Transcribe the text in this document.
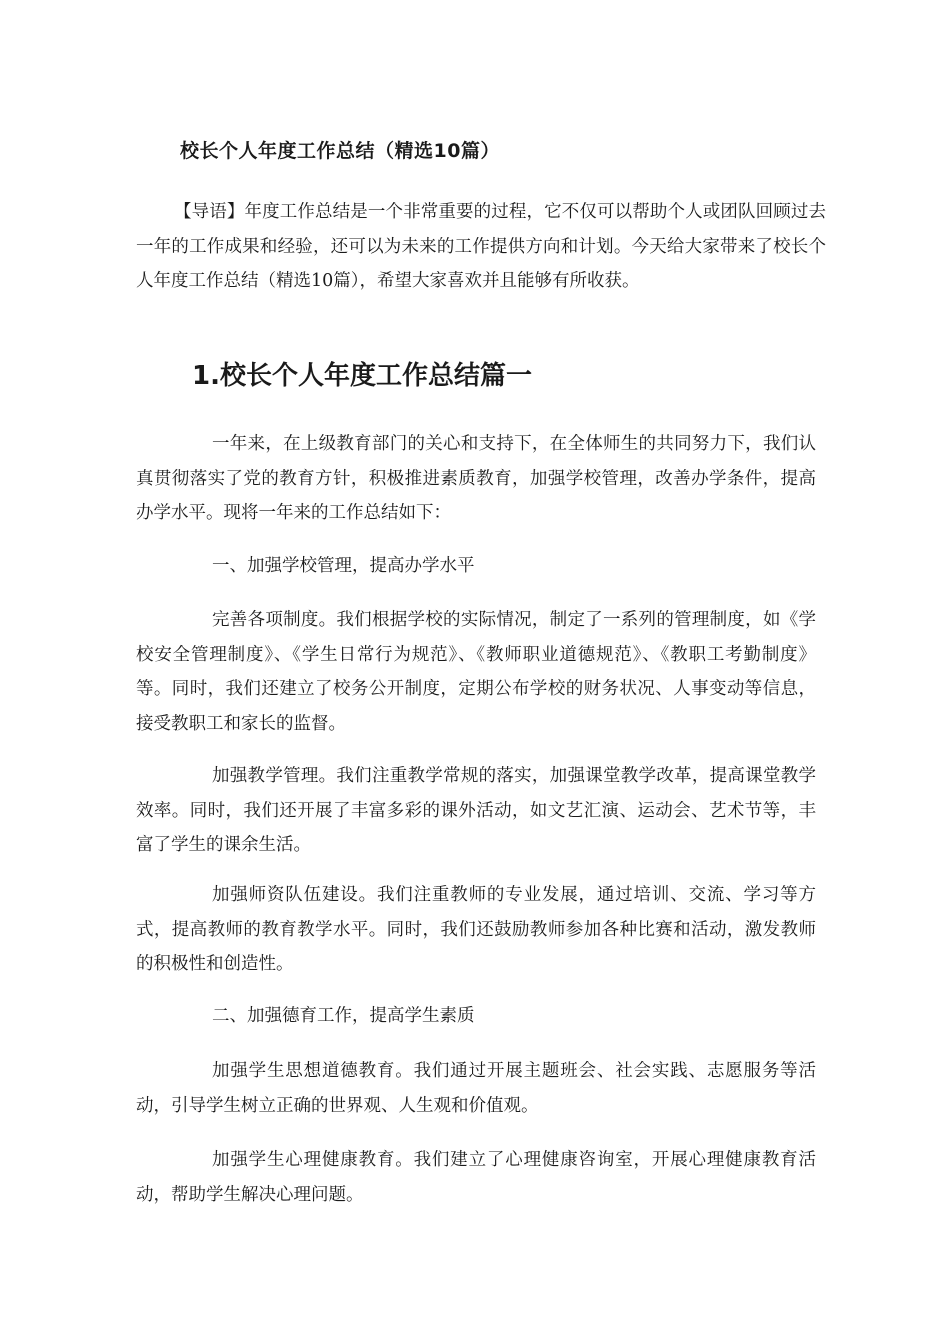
校长个人年度工作总结（精选10篇）

【导语】年度工作总结是一个非常重要的过程，它不仅可以帮助个人或团队回顾过去一年的工作成果和经验，还可以为未来的工作提供方向和计划。今天给大家带来了校长个人年度工作总结（精选10篇），希望大家喜欢并且能够有所收获。

1.校长个人年度工作总结篇一

一年来，在上级教育部门的关心和支持下，在全体师生的共同努力下，我们认真贯彻落实了党的教育方针，积极推进素质教育，加强学校管理，改善办学条件，提高办学水平。现将一年来的工作总结如下：

一、加强学校管理，提高办学水平

完善各项制度。我们根据学校的实际情况，制定了一系列的管理制度，如《学校安全管理制度》、《学生日常行为规范》、《教师职业道德规范》、《教职工考勤制度》等。同时，我们还建立了校务公开制度，定期公布学校的财务状况、人事变动等信息，接受教职工和家长的监督。

加强教学管理。我们注重教学常规的落实，加强课堂教学改革，提高课堂教学效率。同时，我们还开展了丰富多彩的课外活动，如文艺汇演、运动会、艺术节等，丰富了学生的课余生活。

加强师资队伍建设。我们注重教师的专业发展，通过培训、交流、学习等方式，提高教师的教育教学水平。同时，我们还鼓励教师参加各种比赛和活动，激发教师的积极性和创造性。

二、加强德育工作，提高学生素质

加强学生思想道德教育。我们通过开展主题班会、社会实践、志愿服务等活动，引导学生树立正确的世界观、人生观和价值观。

加强学生心理健康教育。我们建立了心理健康咨询室，开展心理健康教育活动，帮助学生解决心理问题。
